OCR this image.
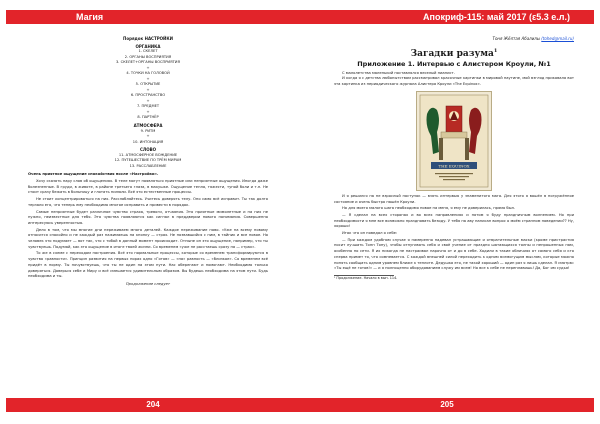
Магия
Порядок НАСТРОЙКИ
ОРГАНИКА
1. СКЕЛЕТ
2. ОРГАНЫ ВОСПРИЯТИЯ
3. СКЕЛЕТ+ОРГАНЫ ВОСПРИЯТИЯ
+
4. ТОЧКИ НА ГОЛОВОЙ
+
5. ОТКРЫТИЕ
+
6. ПРОСТРАНСТВО
+
7. ПРЕДМЕТ
+
8. ПАРТНЁР
АТМОСФЕРА
9. РИТМ
+
10. ИНТОНАЦИЯ
СЛОВО
11. АТМОСФЕРНОЕ ВОЖДЕНИЕ
12. ПУТЕШЕСТВИЕ ПО ТРЁМ МИРАМ
13. РАССЛАБЛЕНИЕ
Очень приятное ощущение спокойствия после «Настройки».

Хочу сказать пару слов об ощущениях. В теле могут появляться приятные или неприятные ощущения. Иногда даже болезненные. В груди, в животе, в районе третьего глаза, в макушке. Ощущение тепла, тяжести, тупой боли и т.п. Не стоит сразу бежать в больницу и глотать пилюли. Всё это естественные процессы.

Не стоит концентрироваться на них. Расслабляйтесь. Учитесь доверять телу. Оно само всё исправит. Ты так долго терзало его, что теперь ему необходимо многое исправить и привести в порядок.

Самые неприятные будет различное чувство страха, тревоги, отчаяния. Это приятные мимолетные и на них не нужно, неизвестные для тебя. Это чувства появляются как сигнал в преддверии нового понимания. Совершенно интересуюсь уверенностью.

Дело в том, что мы многие дни переживаем много деталей. Каждое переживание ново. «Уже на всему новому относится спокойно и не каждый раз нажимаешь на кнопку — страх. Не позвавшийся с ним, в тайник и все новое. Но человек это подумает — вот так, что с тобой в данный момент происходит. Отныне он это ощущение, например, что ты чувствуешь. Подумай, как это ощущение в итоге твоей жизни. Со временем «уже не расстаешь сразу на — страх».

То же в схеме с переходом настроения. Всё это нормальные процессы, которые со временем трансформируются в чувство «равности». Принцип развития на первых порах одно «Готов» — «на» равность — «близкое». Со временем всё придёт в норму. Ты почувствуешь, что ты не один на этом пути. Нас оберегают и помогают. Необходимо только доверяться. Доверься себе и Миру и всё смешается удивительным образом. Вы будешь необходима на этом пути. Будь необходима и ты.

Продолжение следует
204
Апокриф-115: май 2017 (ε5.3 е.л.)
Тоня Жёлтая Абалилы (tohed@mail.ru)
Загадки разума$^1$
Приложение 1. Интервью с Алистером Кроули, №1

С малолетства маленький поставлялся веселый пианист.

И когда я с детства любопытством рассматривал красочные картинки в мировой паутине, мой взгляд приковала вот эта картинка из периодического журнала Алистера Кроули «The Equinox».

THE EQUINOX

И я решился на не взрослый поступок — взять интервью у знаменитого мага. Для этого я вошёл в погружённое состояние и очень быстро нашёл Кроули.

Но для моего малого шага необходимо новое на меня, я ему не доверилась, прямо был.

— Я сделал на всех сторонах и во всех направлениях и потом я буду праздничным волнением. Но при необходимости я мне все возможно праздновать безоду. У тебя на аву написан вопрос о моём странном поведении?? Ну, хорошо!

Итак что он поведал о себе:

— При каждом удобном случае я намеренно надевал устрашающие и отвратительные маски (кроме пристрастия носит лучшать Тонн Тону), чтобы отпугивать себя и своё учение от праздно шатающихся толпы и непрошенных нам, особенно по сети. Я их никогда не настраивал нарочно от и до в себе. Ходили в такие обличиях от самого себя и кто сперва примет то, что сомневается. С каждой внешней силой переходить к одним всемогущим мыслям, которые можно понять сообщать одним уровнем ближе к теплоте. Дедушка его, не такой хороший — один раз я лишь сделал. Я смотрю: «Ты ещё не готов!» — и я полноценно оборудованием служу им всем! Но все к себе не переплавишь! Да, Бог им судья!

¹ Продолжение. Начало в вып. 114.
205
